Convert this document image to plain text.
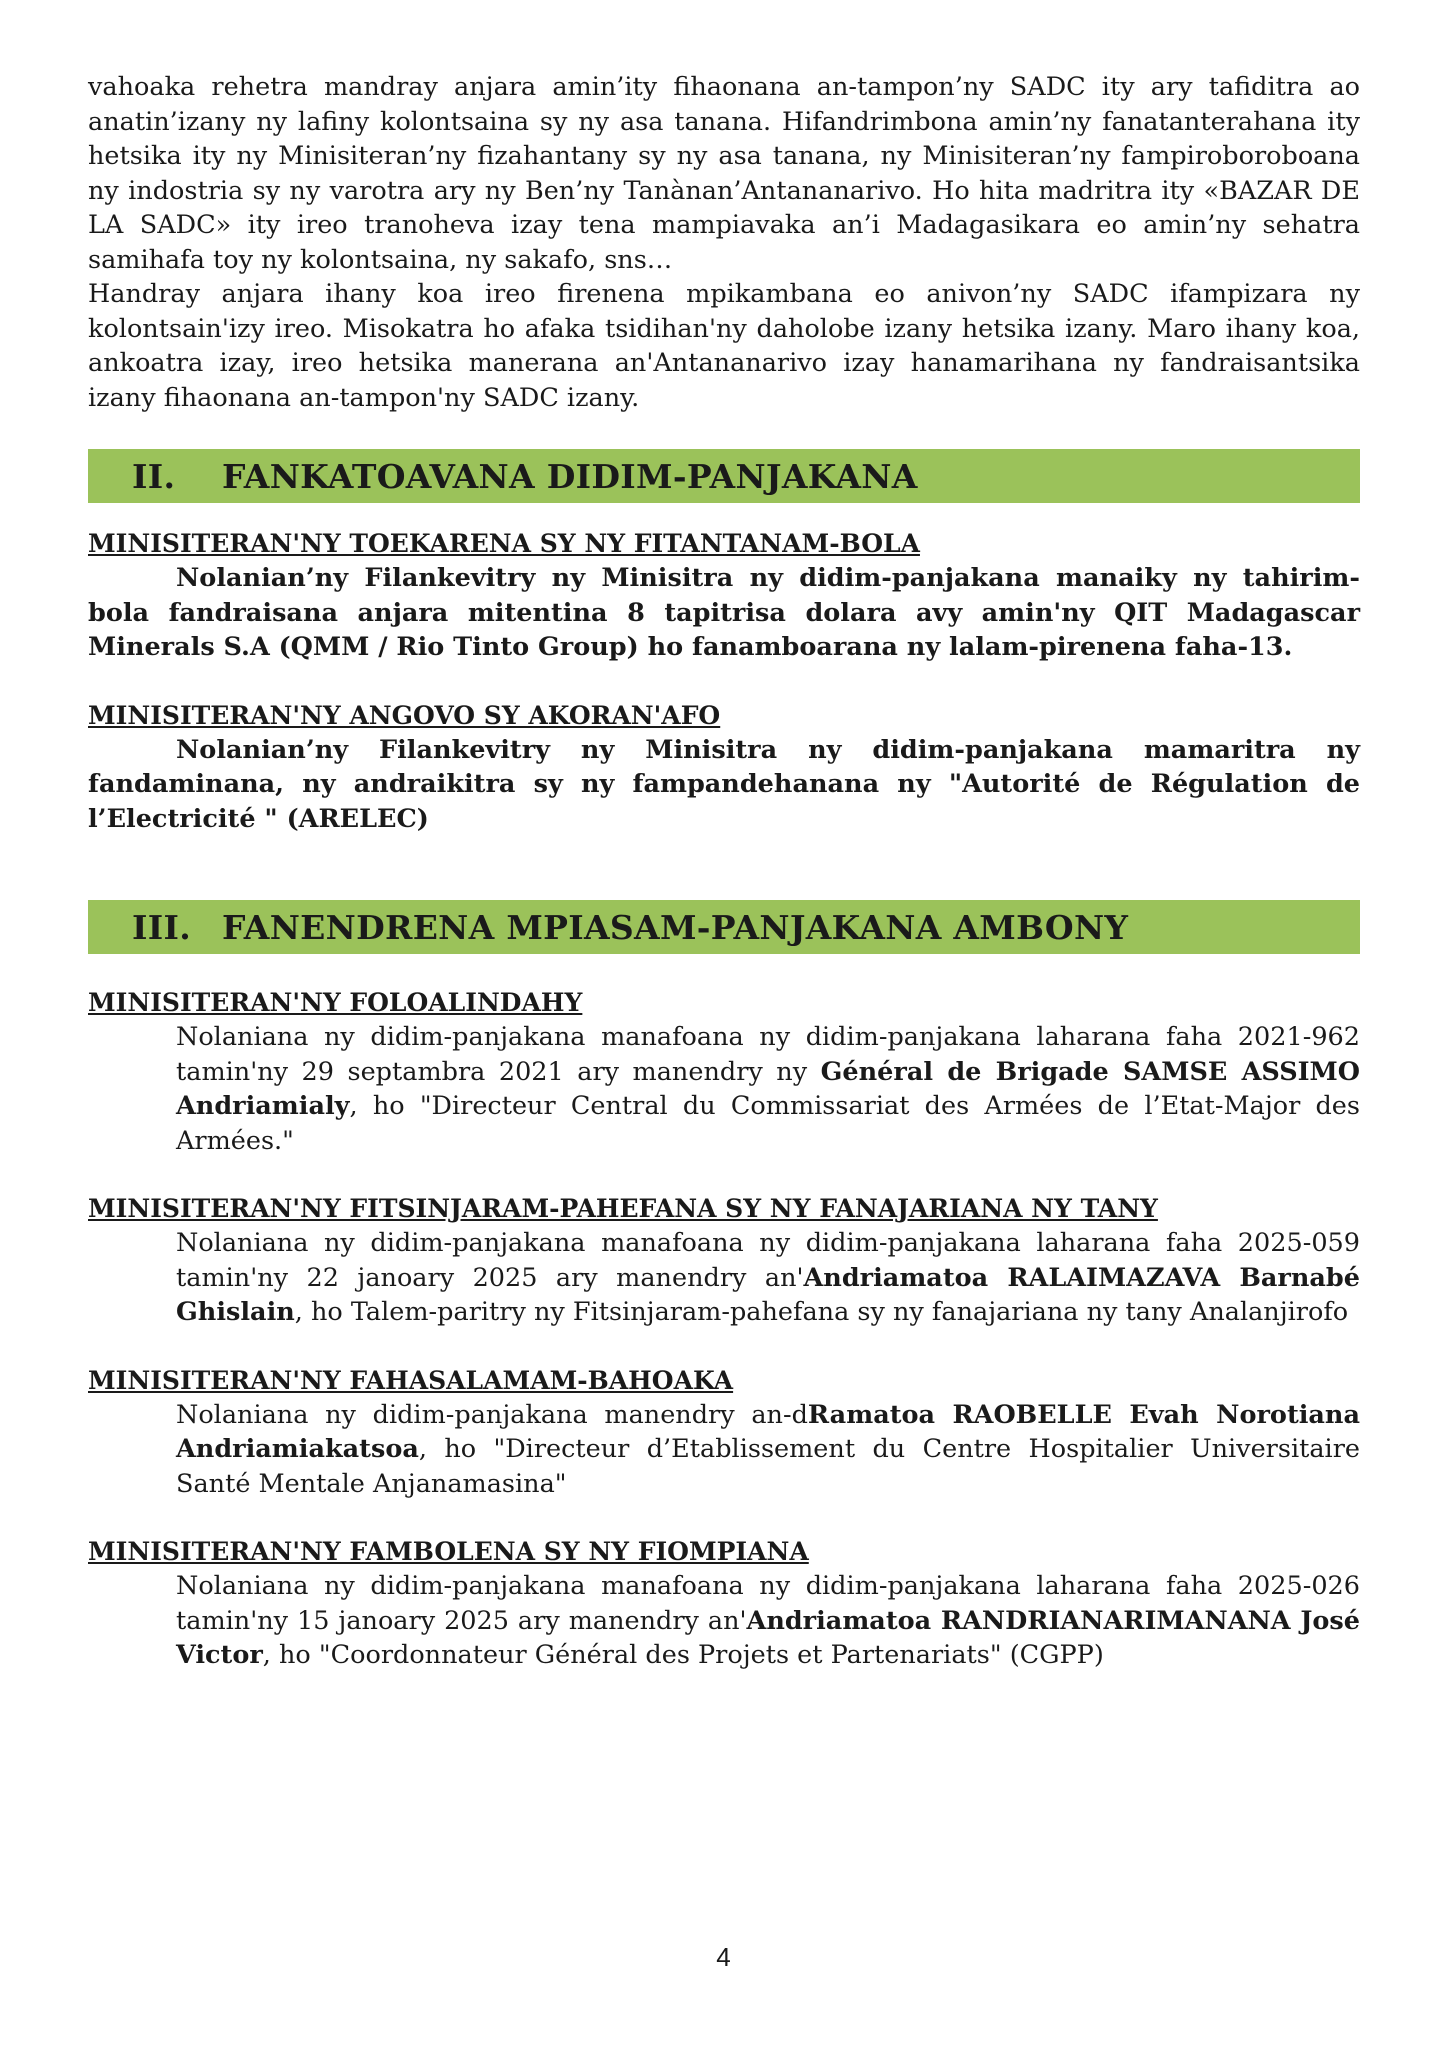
vahoaka rehetra mandray anjara amin’ity fihaonana an-tampon’ny SADC ity ary tafiditra ao anatin’izany ny lafiny kolontsaina sy ny asa tanana. Hifandrimbona amin’ny fanatanterahana ity hetsika ity ny Minisiteran’ny fizahantany sy ny asa tanana, ny Minisiteran’ny fampiroboroboana ny indostria sy ny varotra ary ny Ben’ny Tanànan’Antananarivo. Ho hita madritra ity «BAZAR DE LA SADC» ity ireo tranoheva izay tena mampiavaka an’i Madagasikara eo amin’ny sehatra samihafa toy ny kolontsaina, ny sakafo, sns…

Handray anjara ihany koa ireo firenena mpikambana eo anivon’ny SADC ifampizara ny kolontsain'izy ireo. Misokatra ho afaka tsidihan'ny daholobe izany hetsika izany. Maro ihany koa, ankoatra izay, ireo hetsika manerana an'Antananarivo izay hanamarihana ny fandraisantsika izany fihaonana an-tampon'ny SADC izany.

II.	FANKATOAVANA DIDIM-PANJAKANA
MINISITERAN'NY TOEKARENA SY NY FITANTANAM-BOLA

Nolanian’ny Filankevitry ny Minisitra ny didim-panjakana manaiky ny tahirim-bola fandraisana anjara mitentina 8 tapitrisa dolara avy amin'ny QIT Madagascar Minerals S.A (QMM / Rio Tinto Group) ho fanamboarana ny lalam-pirenena faha-13.

MINISITERAN'NY ANGOVO SY AKORAN'AFO

Nolanian’ny Filankevitry ny Minisitra ny didim-panjakana mamaritra ny fandaminana, ny andraikitra sy ny fampandehanana ny "Autorité de Régulation de l’Electricité " (ARELEC)

III. FANENDRENA MPIASAM-PANJAKANA AMBONY
MINISITERAN'NY FOLOALINDAHY

Nolaniana ny didim-panjakana manafoana ny didim-panjakana laharana faha 2021-962 tamin'ny 29 septambra 2021 ary manendry ny Général de Brigade SAMSE ASSIMO Andriamialy, ho "Directeur Central du Commissariat des Armées de l’Etat-Major des Armées."

MINISITERAN'NY FITSINJARAM-PAHEFANA SY NY FANAJARIANA NY TANY

Nolaniana ny didim-panjakana manafoana ny didim-panjakana laharana faha 2025-059 tamin'ny 22 janoary 2025 ary manendry an'Andriamatoa RALAIMAZAVA Barnabé Ghislain, ho Talem-paritry ny Fitsinjaram-pahefana sy ny fanajariana ny tany Analanjirofo

MINISITERAN'NY FAHASALAMAM-BAHOAKA

Nolaniana ny didim-panjakana manendry an-dRamatoa RAOBELLE Evah Norotiana Andriamiakatsoa, ho "Directeur d’Etablissement du Centre Hospitalier Universitaire Santé Mentale Anjanamasina"

MINISITERAN'NY FAMBOLENA SY NY FIOMPIANA

Nolaniana ny didim-panjakana manafoana ny didim-panjakana laharana faha 2025-026 tamin'ny 15 janoary 2025 ary manendry an'Andriamatoa RANDRIANARIMANANA José Victor, ho "Coordonnateur Général des Projets et Partenariats" (CGPP)

4
